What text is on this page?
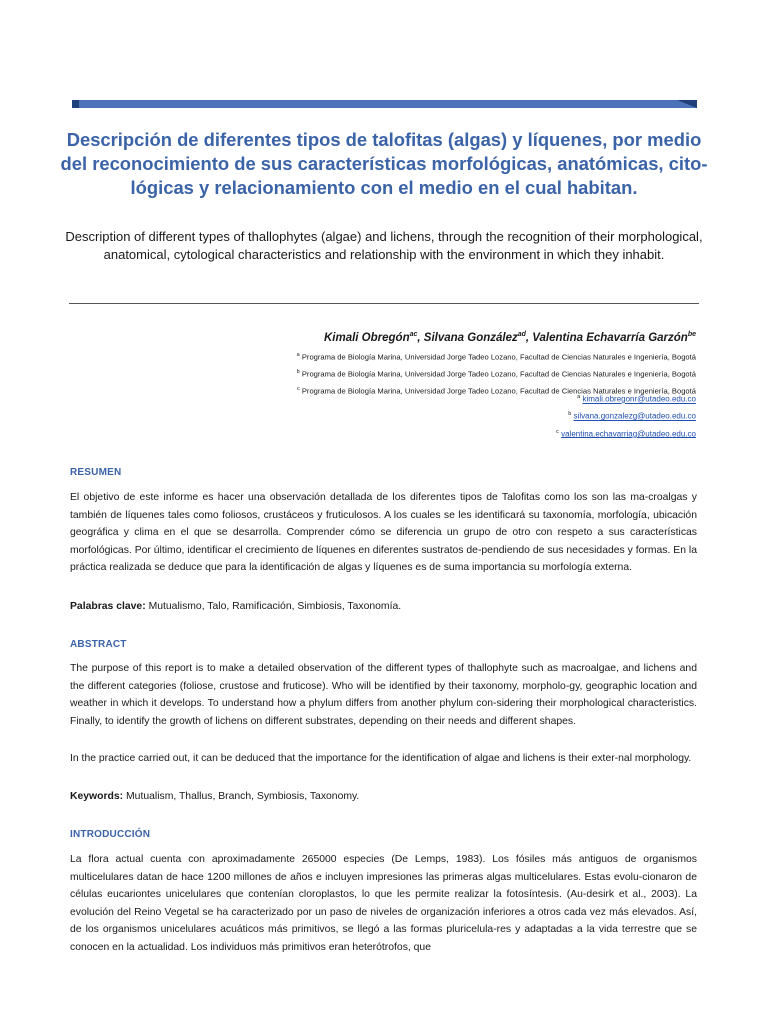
Descripción de diferentes tipos de talofitas (algas) y líquenes, por medio del reconocimiento de sus características morfológicas, anatómicas, cito-lógicas y relacionamiento con el medio en el cual habitan.

Description of different types of thallophytes (algae) and lichens, through the recognition of their morphological, anatomical, cytological characteristics and relationship with the environment in which they inhabit.

Kimali Obregón$^{ac}$, Silvana González$^{ad}$, Valentina Echavarría Garzón$^{be}$
$^a$ Programa de Biología Marina, Universidad Jorge Tadeo Lozano, Facultad de Ciencias Naturales e Ingeniería, Bogotá
$^b$ Programa de Biología Marina, Universidad Jorge Tadeo Lozano, Facultad de Ciencias Naturales e Ingeniería, Bogotá
$^c$ Programa de Biología Marina, Universidad Jorge Tadeo Lozano, Facultad de Ciencias Naturales e Ingeniería, Bogotá
$^a$ kimali.obregonr@utadeo.edu.co
$^b$ silvana.gonzalezg@utadeo.edu.co
$^c$ valentina.echavarriag@utadeo.edu.co
RESUMEN

El objetivo de este informe es hacer una observación detallada de los diferentes tipos de Talofitas como los son las ma-croalgas y también de líquenes tales como foliosos, crustáceos y fruticulosos. A los cuales se les identificará su taxonomía, morfología, ubicación geográfica y clima en el que se desarrolla. Comprender cómo se diferencia un grupo de otro con respeto a sus características morfológicas. Por último, identificar el crecimiento de líquenes en diferentes sustratos de-pendiendo de sus necesidades y formas. En la práctica realizada se deduce que para la identificación de algas y líquenes es de suma importancia su morfología externa.

Palabras clave: Mutualismo, Talo, Ramificación, Simbiosis, Taxonomía.
ABSTRACT

The purpose of this report is to make a detailed observation of the different types of thallophyte such as macroalgae, and lichens and the different categories (foliose, crustose and fruticose). Who will be identified by their taxonomy, morpholo-gy, geographic location and weather in which it develops. To understand how a phylum differs from another phylum con-sidering their morphological characteristics. Finally, to identify the growth of lichens on different substrates, depending on their needs and different shapes.

In the practice carried out, it can be deduced that the importance for the identification of algae and lichens is their exter-nal morphology.

Keywords: Mutualism, Thallus, Branch, Symbiosis, Taxonomy.
INTRODUCCIÓN

La flora actual cuenta con aproximadamente 265000 especies (De Lemps, 1983). Los fósiles más antiguos de organismos multicelulares datan de hace 1200 millones de años e incluyen impresiones las primeras algas multicelulares. Estas evolu-cionaron de células eucariontes unicelulares que contenían cloroplastos, lo que les permite realizar la fotosíntesis. (Au-desirk et al., 2003). La evolución del Reino Vegetal se ha caracterizado por un paso de niveles de organización inferiores a otros cada vez más elevados. Así, de los organismos unicelulares acuáticos más primitivos, se llegó a las formas pluricelula-res y adaptadas a la vida terrestre que se conocen en la actualidad. Los individuos más primitivos eran heterótrofos, que
